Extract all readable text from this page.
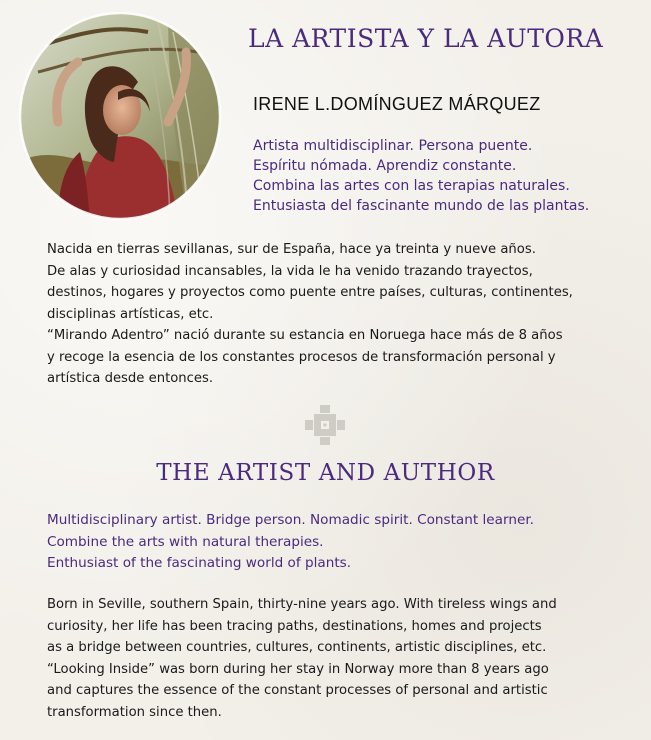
LA ARTISTA Y LA AUTORA
IRENE L.DOMÍNGUEZ MÁRQUEZ
Artista multidisciplinar. Persona puente.
Espíritu nómada. Aprendiz constante.
Combina las artes con las terapias naturales.
Entusiasta del fascinante mundo de las plantas.
Nacida en tierras sevillanas, sur de España, hace ya treinta y nueve años.
De alas y curiosidad incansables, la vida le ha venido trazando trayectos,
destinos, hogares y proyectos como puente entre países, culturas, continentes,
disciplinas artísticas, etc.
“Mirando Adentro” nació durante su estancia en Noruega hace más de 8 años
y recoge la esencia de los constantes procesos de transformación personal y
artística desde entonces.
THE ARTIST AND AUTHOR
Multidisciplinary artist. Bridge person. Nomadic spirit. Constant learner.
Combine the arts with natural therapies.
Enthusiast of the fascinating world of plants.
Born in Seville, southern Spain, thirty-nine years ago. With tireless wings and
curiosity, her life has been tracing paths, destinations, homes and projects
as a bridge between countries, cultures, continents, artistic disciplines, etc.
“Looking Inside” was born during her stay in Norway more than 8 years ago
and captures the essence of the constant processes of personal and artistic
transformation since then.
